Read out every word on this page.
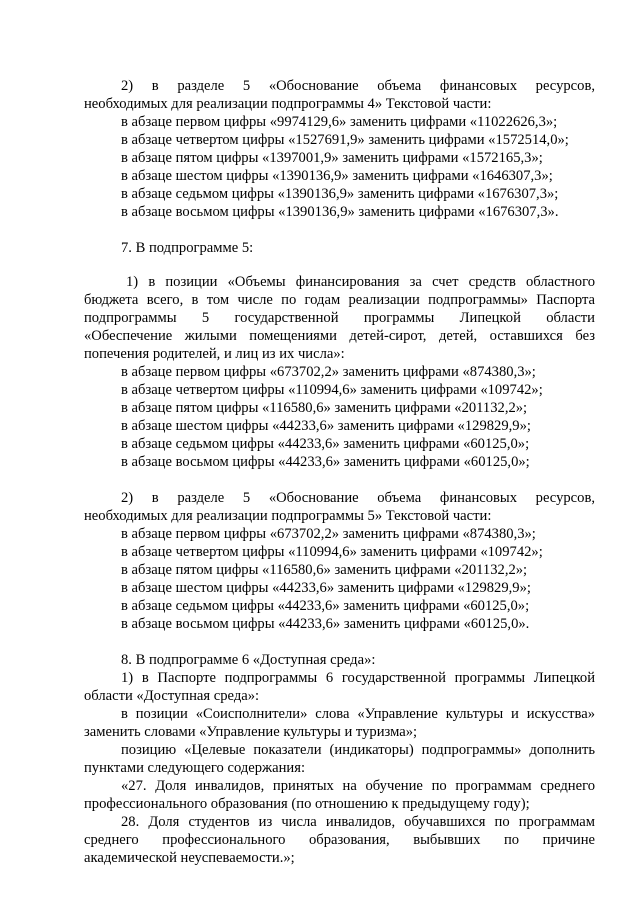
2) в разделе 5 «Обоснование объема финансовых ресурсов,
необходимых для реализации подпрограммы 4» Текстовой части:
в абзаце первом цифры «9974129,6» заменить цифрами «11022626,3»;
в абзаце четвертом цифры «1527691,9» заменить цифрами «1572514,0»;
в абзаце пятом цифры «1397001,9» заменить цифрами «1572165,3»;
в абзаце шестом цифры «1390136,9» заменить цифрами «1646307,3»;
в абзаце седьмом цифры «1390136,9» заменить цифрами «1676307,3»;
в абзаце восьмом цифры «1390136,9» заменить цифрами «1676307,3».
7. В подпрограмме 5:
1) в позиции «Объемы финансирования за счет средств областного
бюджета всего, в том числе по годам реализации подпрограммы» Паспорта
подпрограммы 5 государственной программы Липецкой области
«Обеспечение жилыми помещениями детей-сирот, детей, оставшихся без
попечения родителей, и лиц из их числа»:
в абзаце первом цифры «673702,2» заменить цифрами «874380,3»;
в абзаце четвертом цифры «110994,6» заменить цифрами «109742»;
в абзаце пятом цифры «116580,6» заменить цифрами «201132,2»;
в абзаце шестом цифры «44233,6» заменить цифрами «129829,9»;
в абзаце седьмом цифры «44233,6» заменить цифрами «60125,0»;
в абзаце восьмом цифры «44233,6» заменить цифрами «60125,0»;
2) в разделе 5 «Обоснование объема финансовых ресурсов,
необходимых для реализации подпрограммы 5» Текстовой части:
в абзаце первом цифры «673702,2» заменить цифрами «874380,3»;
в абзаце четвертом цифры «110994,6» заменить цифрами «109742»;
в абзаце пятом цифры «116580,6» заменить цифрами «201132,2»;
в абзаце шестом цифры «44233,6» заменить цифрами «129829,9»;
в абзаце седьмом цифры «44233,6» заменить цифрами «60125,0»;
в абзаце восьмом цифры «44233,6» заменить цифрами «60125,0».
8. В подпрограмме 6 «Доступная среда»:
1) в Паспорте подпрограммы 6 государственной программы Липецкой
области «Доступная среда»:
в позиции «Соисполнители» слова «Управление культуры и искусства»
заменить словами «Управление культуры и туризма»;
позицию «Целевые показатели (индикаторы) подпрограммы» дополнить
пунктами следующего содержания:
«27. Доля инвалидов, принятых на обучение по программам среднего
профессионального образования (по отношению к предыдущему году);
28. Доля студентов из числа инвалидов, обучавшихся по программам
среднего профессионального образования, выбывших по причине
академической неуспеваемости.»;
